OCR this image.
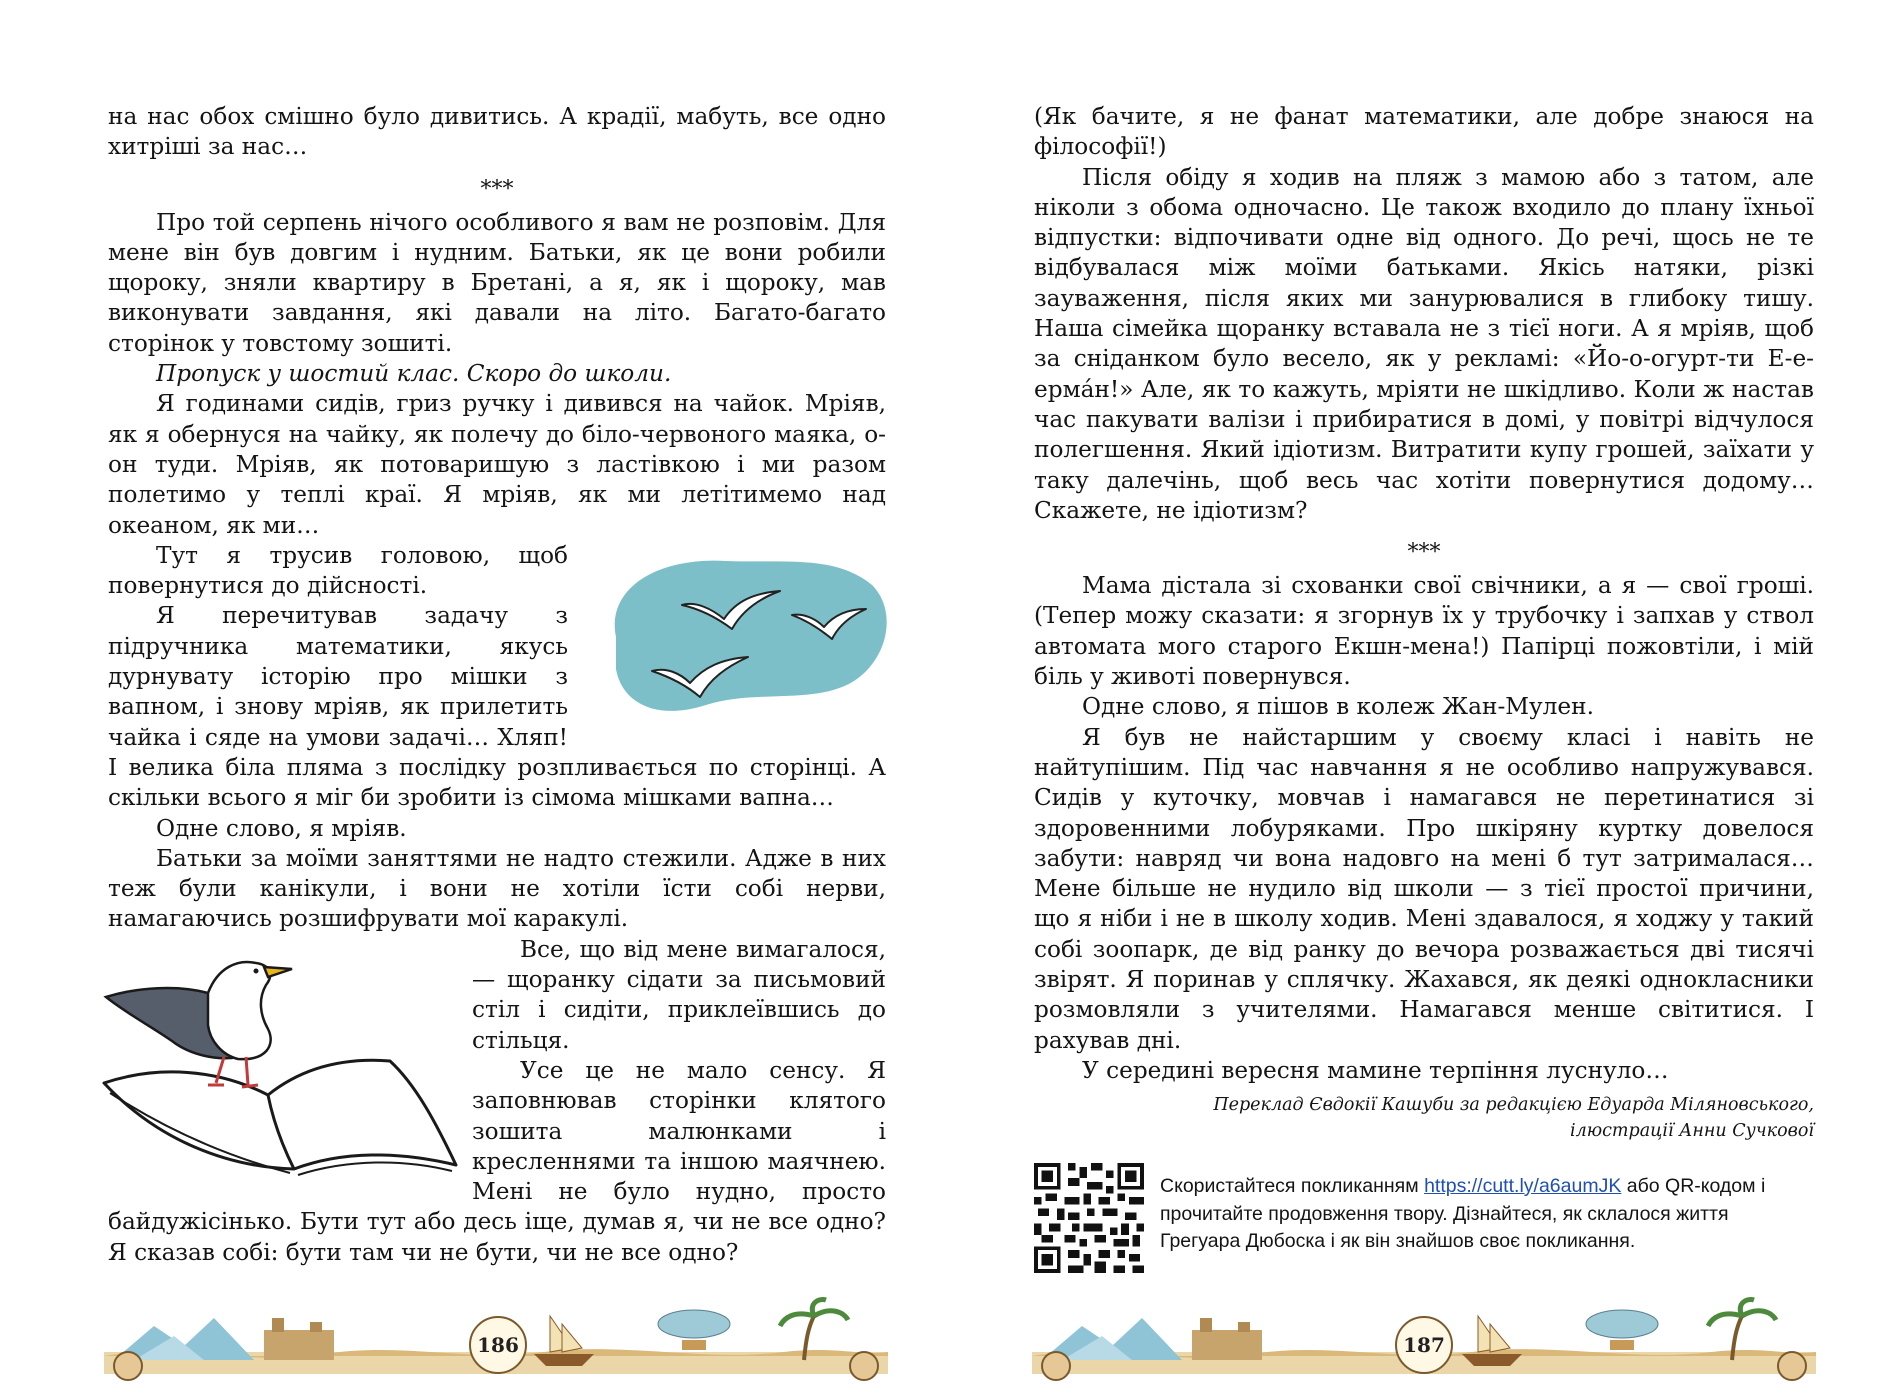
на нас обох смішно було дивитись. А крадії, мабуть, все одно хитріші за нас…

***

Про той серпень нічого особливого я вам не розповім. Для мене він був довгим і нудним. Батьки, як це вони робили щороку, зняли квартиру в Бретані, а я, як і щороку, мав виконувати завдання, які давали на літо. Багато-багато сторінок у товстому зошиті.

Пропуск у шостий клас. Скоро до школи.

Я годинами сидів, гриз ручку і дивився на чайок. Мріяв, як я обернуся на чайку, як полечу до біло-червоного маяка, о-он туди. Мріяв, як потоваришую з ластівкою і ми разом полетимо у теплі краї. Я мріяв, як ми летітимемо над океаном, як ми…

Тут я трусив головою, щоб повернутися до дійсності.

Я перечитував задачу з підручника математики, якусь дурнувату історію про мішки з вапном, і знову мріяв, як прилетить чайка і сяде на умови задачі… Хляп! І велика біла пляма з послідку розпливається по сторінці. А скільки всього я міг би зробити із сімома мішками вапна…

Одне слово, я мріяв.

Батьки за моїми заняттями не надто стежили. Адже в них теж були канікули, і вони не хотіли їсти собі нерви, намагаючись розшифрувати мої каракулі.

Все, що від мене вимагалося, — щоранку сідати за письмовий стіл і сидіти, приклеївшись до стільця.

Усе це не мало сенсу. Я заповнював сторінки клятого зошита малюнками і кресленнями та іншою маячнею. Мені не було нудно, просто байдужісінько. Бути тут або десь іще, думав я, чи не все одно? Я сказав собі: бути там чи не бути, чи не все одно?

186

(Як бачите, я не фанат математики, але добре знаюся на філософії!)

Після обіду я ходив на пляж з мамою або з татом, але ніколи з обома одночасно. Це також входило до плану їхньої відпустки: відпочивати одне від одного. До речі, щось не те відбувалася між моїми батьками. Якісь натяки, різкі зауваження, після яких ми занурювалися в глибоку тишу. Наша сімейка щоранку вставала не з тієї ноги. А я мріяв, щоб за сніданком було весело, як у рекламі: «Йо-о-огурт-ти Е-е-ерма́н!» Але, як то кажуть, мріяти не шкідливо. Коли ж настав час пакувати валізи і прибиратися в домі, у повітрі відчулося полегшення. Який ідіотизм. Витратити купу грошей, заїхати у таку далечінь, щоб весь час хотіти повернутися додому… Скажете, не ідіотизм?

***

Мама дістала зі схованки свої свічники, а я — свої гроші. (Тепер можу сказати: я згорнув їх у трубочку і запхав у ствол автомата мого старого Екшн-мена!) Папірці пожовтіли, і мій біль у животі повернувся.

Одне слово, я пішов в колеж Жан-Мулен.

Я був не найстаршим у своєму класі і навіть не найтупішим. Під час навчання я не особливо напружувався. Сидів у куточку, мовчав і намагався не перетинатися зі здоровенними лобуряками. Про шкіряну куртку довелося забути: навряд чи вона надовго на мені б тут затрималася… Мене більше не нудило від школи — з тієї простої причини, що я ніби і не в школу ходив. Мені здавалося, я ходжу у такий собі зоопарк, де від ранку до вечора розважається дві тисячі звірят. Я поринав у сплячку. Жахався, як деякі однокласники розмовляли з учителями. Намагався менше світитися. І рахував дні.

У середині вересня мамине терпіння луснуло…

Переклад Євдокії Кашуби за редакцією Едуарда Міляновського,
ілюстрації Анни Сучкової
Скористайтеся покликанням https://cutt.ly/a6aumJK або QR-кодом і прочитайте продовження твору. Дізнайтеся, як склалося життя Грегуара Дюбоска і як він знайшов своє покликання.
187
